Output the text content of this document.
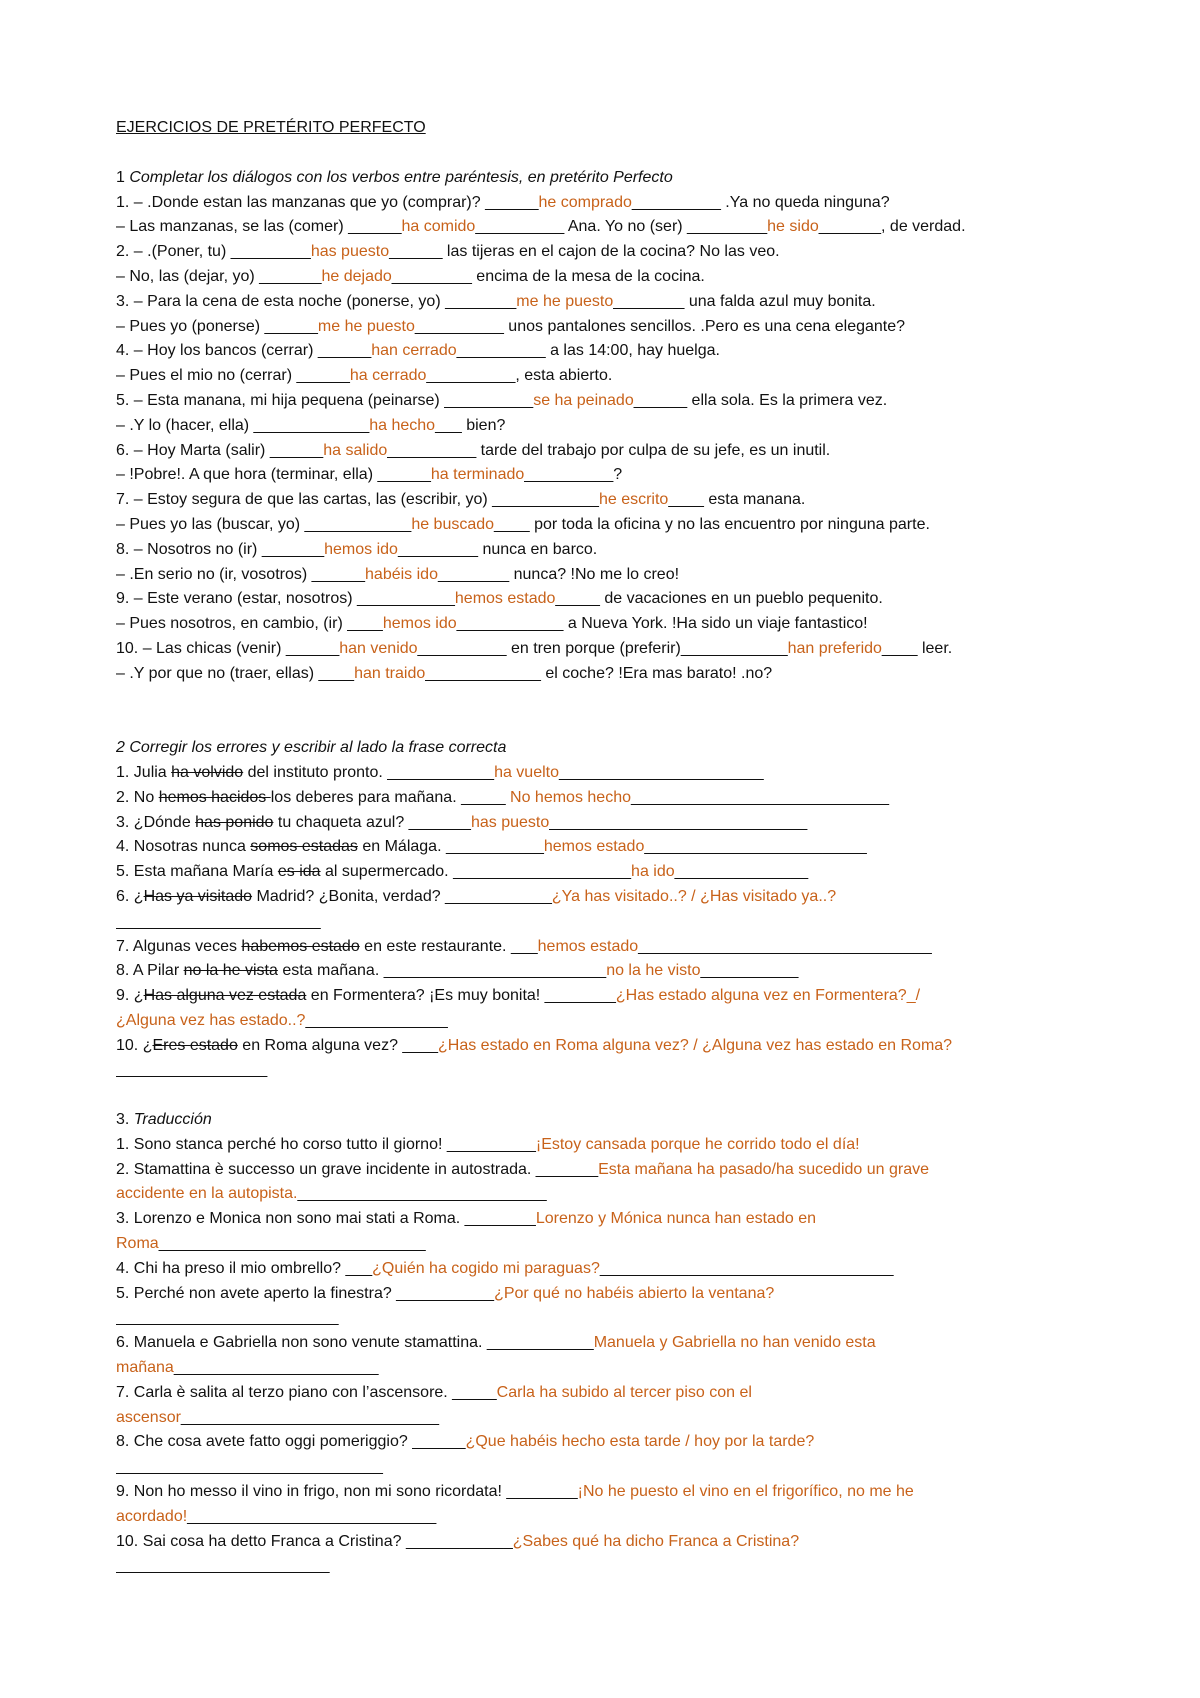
EJERCICIOS DE PRETÉRITO PERFECTO
1 Completar los diálogos con los verbos entre paréntesis, en pretérito Perfecto
1. – .Donde estan las manzanas que yo (comprar)? ______he comprado__________ .Ya no queda ninguna?
– Las manzanas, se las (comer) ______ha comido__________ Ana. Yo no (ser) _________he sido_______, de verdad.
2. – .(Poner, tu) _________has puesto______ las tijeras en el cajon de la cocina? No las veo.
– No, las (dejar, yo) _______he dejado_________ encima de la mesa de la cocina.
3. – Para la cena de esta noche (ponerse, yo) ________me he puesto________ una falda azul muy bonita.
– Pues yo (ponerse) ______me he puesto__________ unos pantalones sencillos. .Pero es una cena elegante?
4. – Hoy los bancos (cerrar) ______han cerrado__________ a las 14:00, hay huelga.
– Pues el mio no (cerrar) ______ha cerrado__________, esta abierto.
5. – Esta manana, mi hija pequena (peinarse) __________se ha peinado______ ella sola. Es la primera vez.
– .Y lo (hacer, ella) _____________ha hecho___ bien?
6. – Hoy Marta (salir) ______ha salido__________ tarde del trabajo por culpa de su jefe, es un inutil.
– !Pobre!. A que hora (terminar, ella) ______ha terminado__________?
7. – Estoy segura de que las cartas, las (escribir, yo) ____________he escrito____ esta manana.
– Pues yo las (buscar, yo) ____________he buscado____ por toda la oficina y no las encuentro por ninguna parte.
8. – Nosotros no (ir) _______hemos ido_________ nunca en barco.
– .En serio no (ir, vosotros) ______habéis ido________ nunca? !No me lo creo!
9. – Este verano (estar, nosotros) ___________hemos estado_____ de vacaciones en un pueblo pequenito.
– Pues nosotros, en cambio, (ir) ____hemos ido____________ a Nueva York. !Ha sido un viaje fantastico!
10. – Las chicas (venir) ______han venido__________ en tren porque (preferir)____________han preferido____ leer.
– .Y por que no (traer, ellas) ____han traido_____________ el coche? !Era mas barato! .no?
2 Corregir los errores y escribir al lado la frase correcta
1. Julia ha volvido del instituto pronto. ____________ha vuelto_______________________
2. No hemos hacidos los deberes para mañana. _____ No hemos hecho_____________________________
3. ¿Dónde has ponido tu chaqueta azul? _______has puesto_____________________________
4. Nosotras nunca somos estadas en Málaga. ___________hemos estado_________________________
5. Esta mañana María es ida al supermercado. ____________________ha ido_______________
6. ¿Has ya visitado Madrid? ¿Bonita, verdad? ____________¿Ya has visitado..? / ¿Has visitado ya..?
_______________________
7. Algunas veces habemos estado en este restaurante. ___hemos estado_________________________________
8. A Pilar no la he vista esta mañana. _________________________no la he visto___________
9. ¿Has alguna vez estada en Formentera? ¡Es muy bonita! ________¿Has estado alguna vez en Formentera?_/
¿Alguna vez has estado..?________________
10. ¿Eres estado en Roma alguna vez? ____¿Has estado en Roma alguna vez? / ¿Alguna vez has estado en Roma?
_________________
3. Traducción
1. Sono stanca perché ho corso tutto il giorno! __________¡Estoy cansada porque he corrido todo el día!
2. Stamattina è successo un grave incidente in autostrada. _______Esta mañana ha pasado/ha sucedido un grave
accidente en la autopista.____________________________
3. Lorenzo e Monica non sono mai stati a Roma. ________Lorenzo y Mónica nunca han estado en
Roma______________________________
4. Chi ha preso il mio ombrello? ___¿Quién ha cogido mi paraguas?_________________________________
5. Perché non avete aperto la finestra? ___________¿Por qué no habéis abierto la ventana?
_________________________
6. Manuela e Gabriella non sono venute stamattina. ____________Manuela y Gabriella no han venido esta
mañana_______________________
7. Carla è salita al terzo piano con l’ascensore. _____Carla ha subido al tercer piso con el
ascensor_____________________________
8. Che cosa avete fatto oggi pomeriggio? ______¿Que habéis hecho esta tarde / hoy por la tarde?
______________________________
9. Non ho messo il vino in frigo, non mi sono ricordata! ________¡No he puesto el vino en el frigorífico, no me he
acordado!____________________________
10. Sai cosa ha detto Franca a Cristina? ____________¿Sabes qué ha dicho Franca a Cristina?
________________________
